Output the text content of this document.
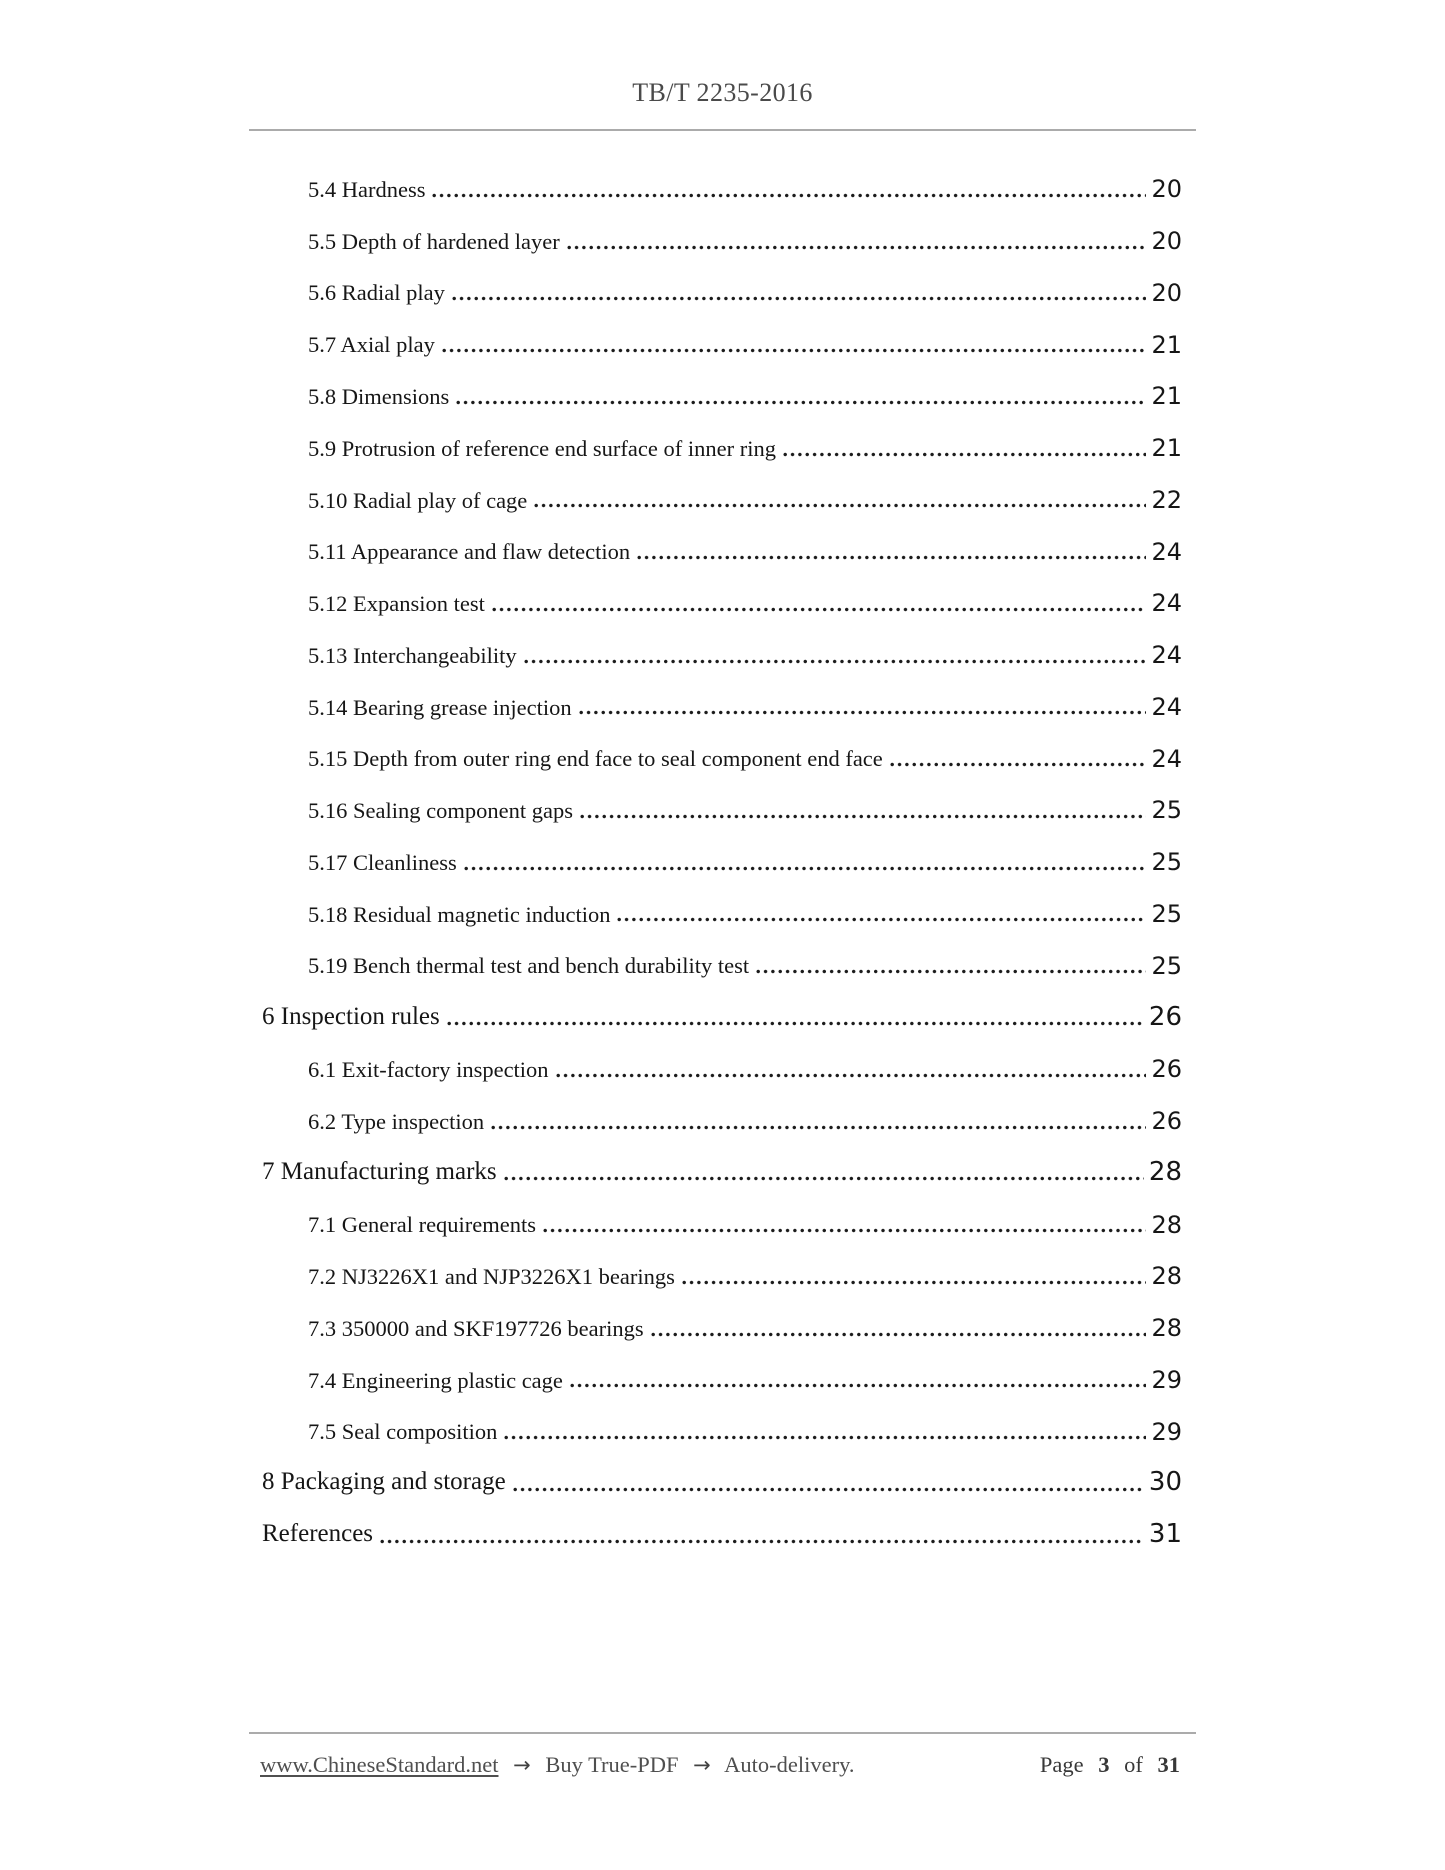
TB/T 2235-2016
5.4 Hardness	20
5.5 Depth of hardened layer	20
5.6 Radial play	20
5.7 Axial play	21
5.8 Dimensions	21
5.9 Protrusion of reference end surface of inner ring	21
5.10 Radial play of cage	22
5.11 Appearance and flaw detection	24
5.12 Expansion test	24
5.13 Interchangeability	24
5.14 Bearing grease injection	24
5.15 Depth from outer ring end face to seal component end face	24
5.16 Sealing component gaps	25
5.17 Cleanliness	25
5.18 Residual magnetic induction	25
5.19 Bench thermal test and bench durability test	25
6 Inspection rules	26
6.1 Exit-factory inspection	26
6.2 Type inspection	26
7 Manufacturing marks	28
7.1 General requirements	28
7.2 NJ3226X1 and NJP3226X1 bearings	28
7.3 350000 and SKF197726 bearings	28
7.4 Engineering plastic cage	29
7.5 Seal composition	29
8 Packaging and storage	30
References	31
www.ChineseStandard.net → Buy True-PDF → Auto-delivery.	Page 3 of 31
